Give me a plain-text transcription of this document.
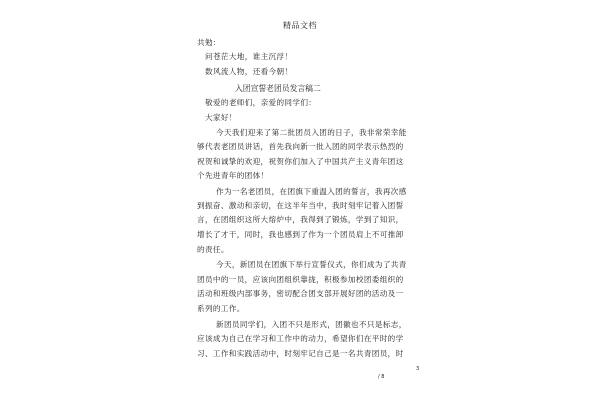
精品文档
共勉：
问苍茫大地，谁主沉浮！
数风流人物，还看今朝！
入团宣誓老团员发言稿二
敬爱的老师们，亲爱的同学们：
大家好！
今天我们迎来了第二批团员入团的日子，我非常荣幸能
够代表老团员讲话，首先我向新一批入团的同学表示热烈的
祝贺和诚挚的欢迎，祝贺你们加入了中国共产主义青年团这
个先进青年的团体！
作为一名老团员，在团旗下重温入团的誓言，我再次感
到振奋、激动和亲切，在这半年当中，我时刻牢记着入团誓
言，在团组织这所大熔炉中，我得到了锻炼，学到了知识，
增长了才干，同时，我也感到了作为一个团员肩上不可推卸
的责任。
今天，新团员在团旗下举行宣誓仪式，你们成为了共青
团员中的一员，应该向团组织靠拢，积极参加校团委组织的
活动和班级内部事务，密切配合团支部开展好团的活动及一
系列的工作。
新团员同学们，入团不只是形式，团徽也不只是标志，
应该成为自己在学习和工作中的动力，希望你们在平时的学
习、工作和实践活动中，时刻牢记自己是一名共青团员，时
/ 8
3
